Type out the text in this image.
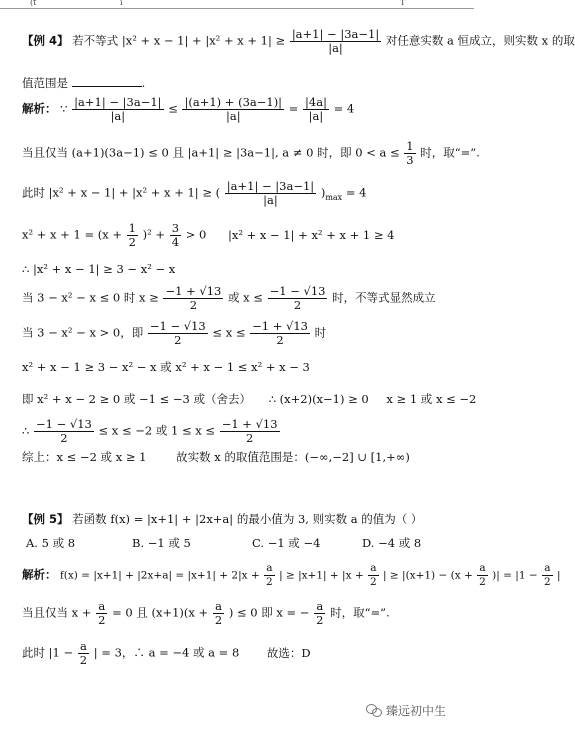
(t	i	T
【例 4】 若不等式 $|x^2 + x - 1| + |x^2 + x + 1| \ge \frac{|a+1| - |3a-1|}{|a|}$ 对任意实数 a 恒成立，则实数 x 的取
值范围是	.
解析： ∵ $\frac{|a+1| - |3a-1|}{|a|} \le \frac{|(a+1) + (3a-1)|}{|a|} = \frac{|4a|}{|a|} = 4$
当且仅当 (a+1)(3a−1) ≤ 0 且 |a+1| ≥ |3a−1|, a ≠ 0 时，即 $0 < a \le \frac{1}{3}$ 时，取“=”.
此时 |x² + x − 1| + |x² + x + 1| ≥ ( $\frac{|a+1| - |3a-1|}{|a|} )_{max} = 4$
$x^2 + x + 1 = (x + \frac{1}{2} )^2 + \frac{3}{4} > 0$ |x² + x − 1| + x² + x + 1 ≥ 4
∴ |x² + x − 1| ≥ 3 − x² − x
当 3 − x² − x ≤ 0 时 $x \ge \frac{-1 + √13}{2}$ 或 $x \le \frac{-1 - √13}{2}$ 时，不等式显然成立
当 3 − x² − x > 0，即 $\frac{-1 - √13}{2} \le x \le \frac{-1 + √13}{2}$ 时
x² + x − 1 ≥ 3 − x² − x 或 x² + x − 1 ≤ x² + x − 3
即 x² + x − 2 ≥ 0 或 −1 ≤ −3 或（舍去） ∴ (x+2)(x−1) ≥ 0 x ≥ 1 或 x ≤ −2
∴ $\frac{-1 - √13}{2} \le x \le -2$ 或 $1 \le x \le \frac{-1 + √13}{2}$
综上：x ≤ −2 或 x ≥ 1	故实数 x 的取值范围是：(−∞,−2] ∪ [1,+∞)
【例 5】 若函数 f(x) = |x+1| + |2x+a| 的最小值为 3, 则实数 a 的值为（ ）
A. 5 或 8	B. −1 或 5	C. −1 或 −4	D. −4 或 8
解析： $f(x) = |x+1| + |2x+a| = |x+1| + 2|x + \frac{a}{2}$ | ≥ $|x+1| + |x + \frac{a}{2}$ | ≥ $|(x+1) - (x + \frac{a}{2}$ )| = $|1 - \frac{a}{2}$ |
当且仅当 $x + \frac{a}{2} = 0$ 且 $(x+1)(x + \frac{a}{2}$ ) ≤ 0 即 x = − $\frac{a}{2}$ 时，取“=”.
此时 $|1 - \frac{a}{2}$ | = 3，∴ a = −4 或 a = 8 故选：D
臻远初中生
